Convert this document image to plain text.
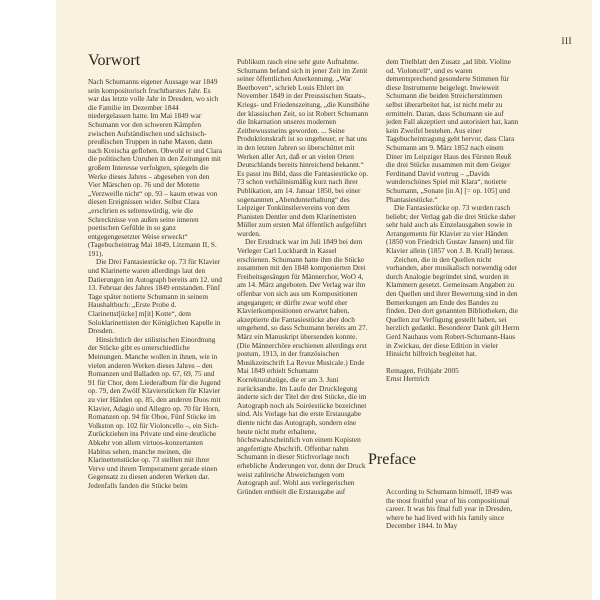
III
Vorwort

Nach Schumanns eigener Aussage war 1849 sein kompositorisch fruchtbarstes Jahr. Es war das letzte volle Jahr in Dresden, wo sich die Familie im Dezember 1844 niedergelassen hatte. Im Mai 1849 war Schumann vor den schweren Kämpfen zwischen Aufständischen und sächsisch-preußischen Truppen in nahe Maxen, dann nach Kreischa geflohen. Obwohl er und Clara die politischen Unruhen in den Zeitungen mit großem Interesse verfolgten, spiegeln die Werke dieses Jahres – abgesehen von den Vier Märschen op. 76 und der Motette „Verzweifle nicht“ op. 93 – kaum etwas von diesen Ereignissen wider. Selbst Clara „erschrien es seltenswürdig, wie die Schrecknisse von außen seine inneren poetischen Gefühle in so ganz entgegengesetzter Weise erweckt“ (Tagebucheintrag Mai 1849, Litzmann II, S. 191).

Die Drei Fantasiestücke op. 73 für Klavier und Klarinette waren allerdings laut den Datierungen im Autograph bereits am 12. und 13. Februar des Jahres 1849 entstanden. Fünf Tage später notierte Schumann in seinem Haushaltbuch: „Erste Probe d. Clarinettst[ücke] m[it] Kotte“, dem Soloklarinettisten der Königlichen Kapelle in Dresden.

Hinsichtlich der stilistischen Einordnung der Stücke gibt es unterschiedliche Meinungen. Manche wollen in ihnen, wie in vielen anderen Werken dieses Jahres – den Romanzen und Balladen op. 67, 69, 75 und 91 für Chor, dem Liederalbum für die Jugend op. 79, den Zwölf Klavierstücken für Klavier zu vier Händen op. 85, den anderen Duos mit Klavier, Adagio und Allegro op. 70 für Horn, Romanzen op. 94 für Oboe, Fünf Stücke im Volkston op. 102 für Violoncello –, ein Sich-Zurückziehen ins Private und eine deutliche Abkehr von allem virtuos-konzertanten Habitus sehen, manche meinen, die Klarinettenstücke op. 73 stellten mit ihrer Verve und ihrem Temperament gerade einen Gegensatz zu diesen anderen Werken dar. Jedenfalls fanden die Stücke beim

Publikum rasch eine sehr gute Aufnahme. Schumann befand sich in jener Zeit im Zenit seiner öffentlichen Anerkennung. „War Beethoven“, schrieb Louis Ehlert im November 1849 in der Preussischen Staats-, Kriegs- und Friedenszeitung, „die Kunsthöhe der klassischen Zeit, so ist Robert Schumann die Inkarnation unseres modernen Zeitbewusstseins geworden. ... Seine Produktionskraft ist so ungeheuer, er hat uns in den letzten Jahren so überschüttet mit Werken aller Art, daß er an vielen Orten Deutschlands bereits hinreichend bekannt.“ Es passt ins Bild, dass die Fantasiestücke op. 73 schon verhältnismäßig kurz nach ihrer Publikation, am 14. Januar 1850, bei einer sogenannten „Abendunterhaltung“ des Leipziger Tonkünstlervereins von dem Pianisten Dentler und dem Klarinettisten Müller zum ersten Mal öffentlich aufgeführt wurden.

Der Erstdruck war im Juli 1849 bei dem Verleger Carl Luckhardt in Kassel erschienen. Schumann hatte ihm die Stücke zusammen mit den 1848 komponierten Drei Freiheitsgesängen für Männerchor, WoO 4, am 14. März angeboten. Der Verlag war ihn offenbar von sich aus um Kompositionen angegangen; er dürfte zwar wohl eher Klavierkompositionen erwartet haben, akzeptierte die Fantasiestücke aber doch umgehend, so dass Schumann bereits am 27. März ein Manuskript übersenden konnte. (Die Männerchöre erschienen allerdings erst postum, 1913, in der französischen Musikzeitschrift La Revue Musicale.) Ende Mai 1849 erhielt Schumann Korrekturabzüge, die er am 3. Juni zurücksandte. Im Laufe der Drucklegung änderte sich der Titel der drei Stücke, die im Autograph noch als Soiréestücke bezeichnet sind. Als Vorlage hat die erste Erstausgabe diente nicht das Autograph, sondern eine heute nicht mehr erhaltene, höchstwahrscheinlich von einem Kopisten angefertigte Abschrift. Offenbar nahm Schumann in dieser Stichvorlage noch erhebliche Änderungen vor, denn der Druck weist zahlreiche Abweichungen vom Autograph auf. Wohl aus verlegerischen Gründen enthielt die Erstausgabe auf

dem Titelblatt den Zusatz „ad libit. Violine od. Violoncell“, und es waren dementsprechend gesonderte Stimmen für diese Instrumente beigelegt. Inwieweit Schumann die beiden Streicherstimmen selbst überarbeitet hat, ist nicht mehr zu ermitteln. Daran, dass Schumann sie auf jeden Fall akzeptiert und autorisiert hat, kann kein Zweifel bestehen. Aus einer Tagebucheintragung geht hervor, dass Clara Schumann am 9. März 1852 nach einem Diner im Leipziger Haus des Fürsten Reuß die drei Stücke zusammen mit dem Geiger Ferdinand David vortrug – „Davids wunderschönes Spiel mit Klara“, notierte Schumann, „Sonate [in A] [= op. 105] und Phantasiestücke.“

Die Fantasiestücke op. 73 wurden rasch beliebt; der Verlag gab die drei Stücke daher sehr bald auch als Einzelausgaben sowie in Arrangements für Klavier zu vier Händen (1850 von Friedrich Gustav Jansen) und für Klavier allein (1857 von J. B. Krall) heraus.

Zeichen, die in den Quellen nicht vorhanden, aber musikalisch notwendig oder durch Analogie begründet sind, wurden in Klammern gesetzt. Gemeinsam Angaben zu den Quellen und ihrer Bewertung sind in den Bemerkungen am Ende des Bandes zu finden. Den dort genannten Bibliotheken, die Quellen zur Verfügung gestellt haben, sei herzlich gedankt. Besonderer Dank gilt Herrn Gerd Nauhaus vom Robert-Schumann-Haus in Zwickau, der diese Edition in vieler Hinsicht hilfreich begleitet hat.

Remagen, Frühjahr 2005

Ernst Herttrich

Preface

According to Schumann himself, 1849 was the most fruitful year of his compositional career. It was his final full year in Dresden, where he had lived with his family since December 1844. In May
